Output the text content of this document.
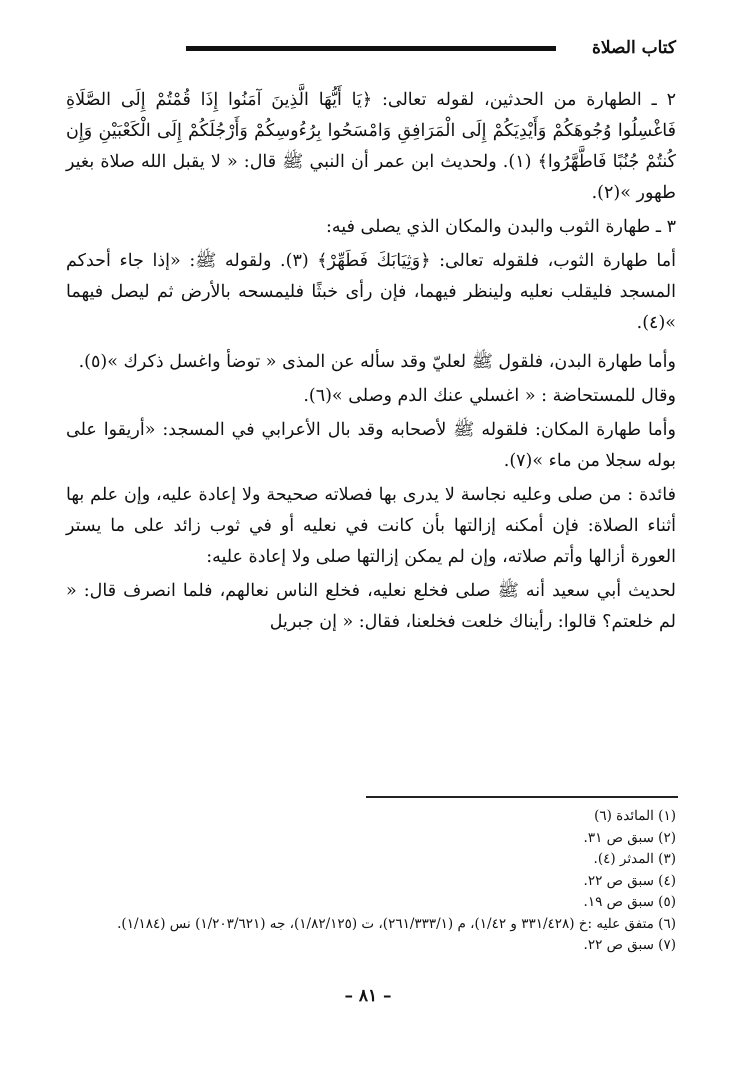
كتاب الصلاة

٢ ـ الطهارة من الحدثين، لقوله تعالى: ﴿يَا أَيُّهَا الَّذِينَ آمَنُوا إِذَا قُمْتُمْ إِلَى الصَّلَاةِ فَاغْسِلُوا وُجُوهَكُمْ وَأَيْدِيَكُمْ إِلَى الْمَرَافِقِ وَامْسَحُوا بِرُءُوسِكُمْ وَأَرْجُلَكُمْ إِلَى الْكَعْبَيْنِ وَإِن كُنتُمْ جُنُبًا فَاطَّهَّرُوا﴾ (١). ولحديث ابن عمر أن النبي ﷺ قال: « لا يقبل الله صلاة بغير طهور »(٢).

٣ ـ طهارة الثوب والبدن والمكان الذي يصلى فيه:

أما طهارة الثوب، فلقوله تعالى: ﴿وَثِيَابَكَ فَطَهِّرْ﴾ (٣). ولقوله ﷺ: «إذا جاء أحدكم المسجد فليقلب نعليه ولينظر فيهما، فإن رأى خبثًا فليمسحه بالأرض ثم ليصل فيهما »(٤).

وأما طهارة البدن، فلقول ﷺ لعليّ وقد سأله عن المذى « توضأ واغسل ذكرك »(٥).

وقال للمستحاضة : « اغسلي عنك الدم وصلى »(٦).

وأما طهارة المكان: فلقوله ﷺ لأصحابه وقد بال الأعرابي في المسجد: «أريقوا على بوله سجلا من ماء »(٧).

فائدة : من صلى وعليه نجاسة لا يدرى بها فصلاته صحيحة ولا إعادة عليه، وإن علم بها أثناء الصلاة: فإن أمكنه إزالتها بأن كانت في نعليه أو في ثوب زائد على ما يستر العورة أزالها وأتم صلاته، وإن لم يمكن إزالتها صلى ولا إعادة عليه:

لحديث أبي سعيد أنه ﷺ صلى فخلع نعليه، فخلع الناس نعالهم، فلما انصرف قال: « لم خلعتم؟ قالوا: رأيناك خلعت فخلعنا، فقال: « إن جبريل

(١) المائدة (٦)

(٢) سبق ص ٣١.

(٣) المدثر (٤).

(٤) سبق ص ٢٢.

(٥) سبق ص ١٩.

(٦) متفق عليه :خ (٣٣١/٤٢٨ و ١/٤٢)، م (٢٦١/٣٣٣/١)، ت (١/٨٢/١٢٥)، جه (١/٢٠٣/٦٢١) نس (١/١٨٤).

(٧) سبق ص ٢٢.

– ٨١ –
